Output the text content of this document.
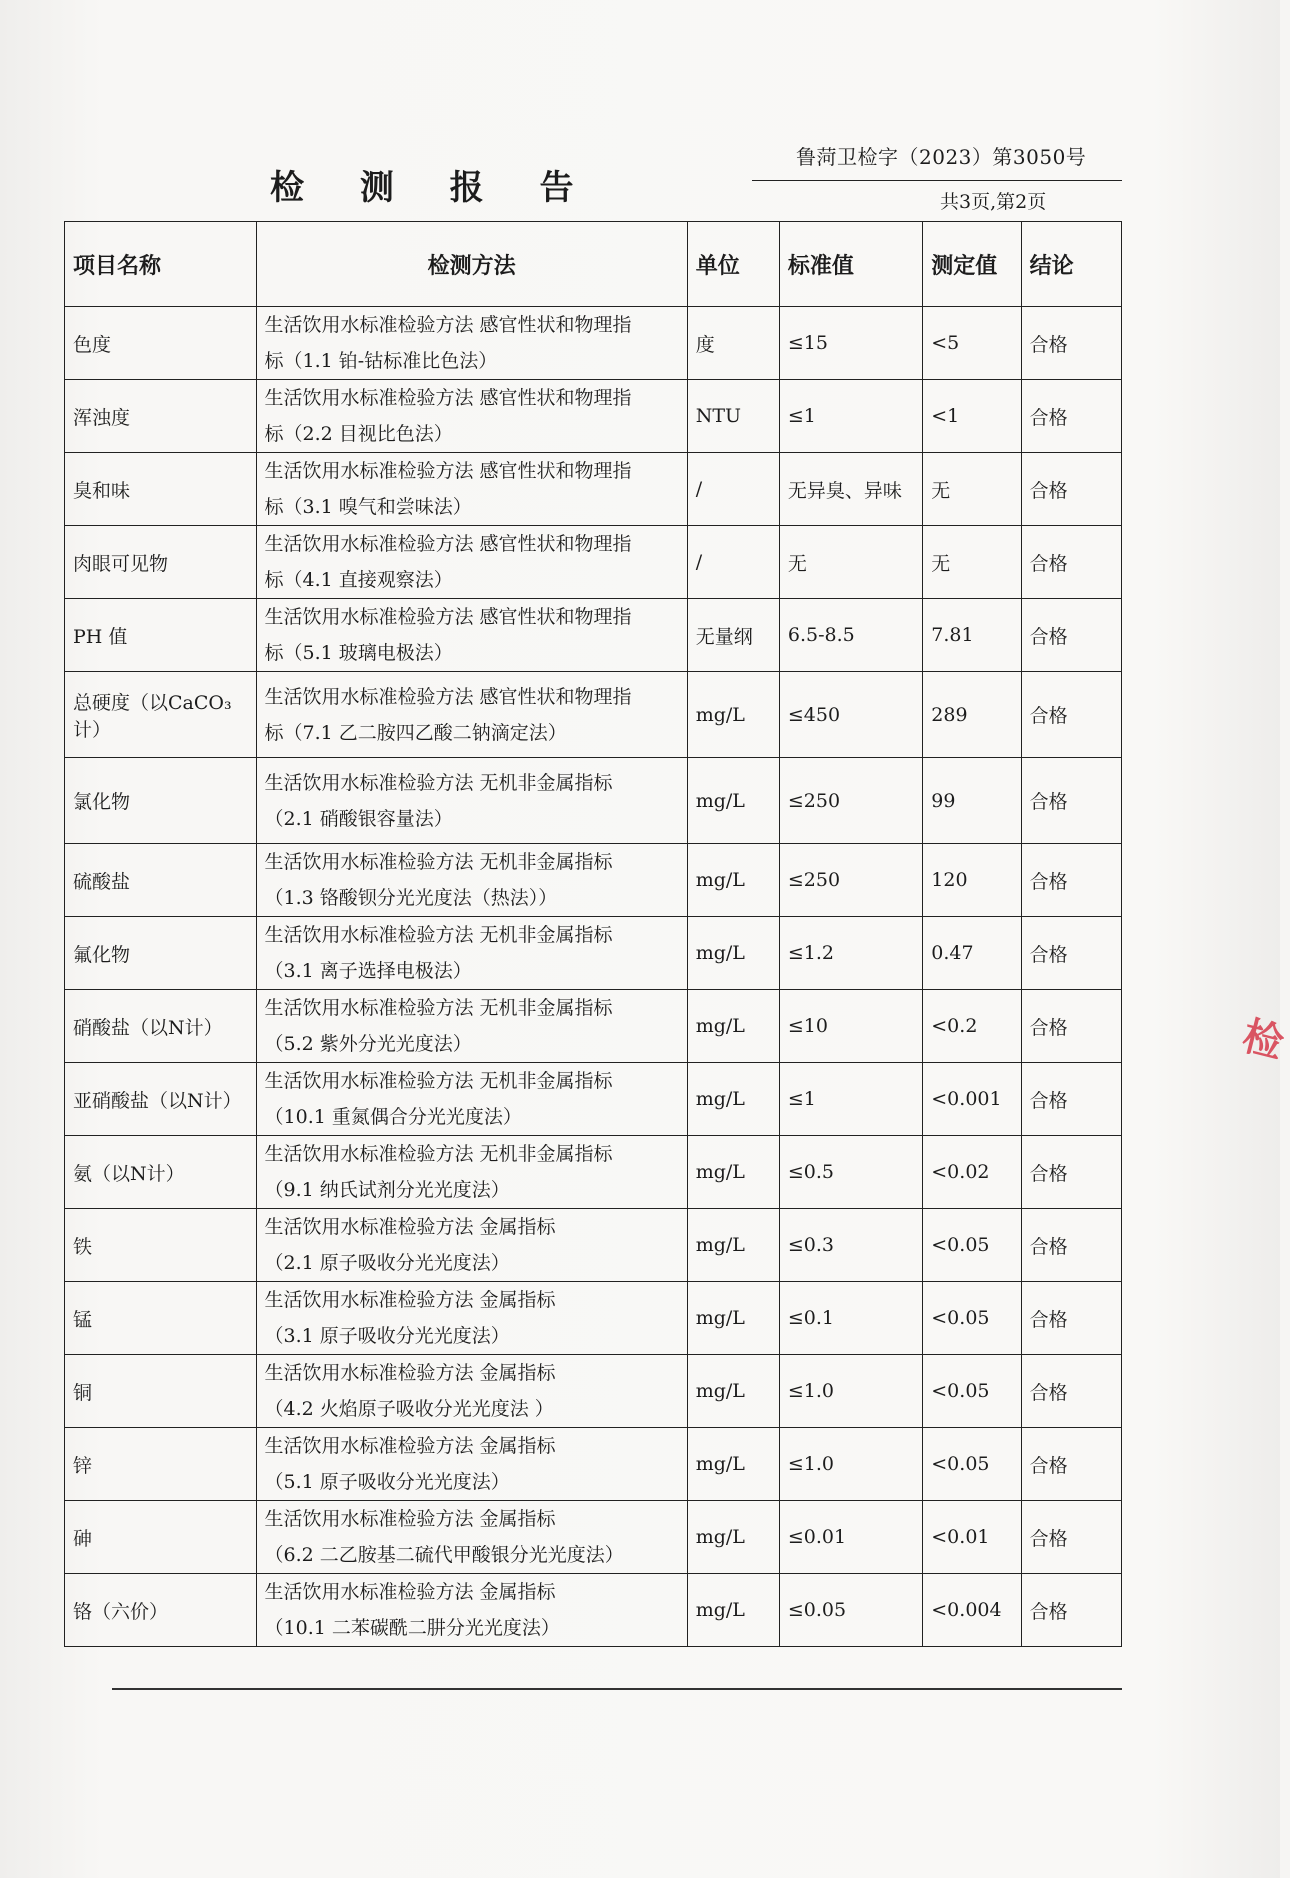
检 测 报 告
鲁菏卫检字（2023）第3050号
共3页,第2页
项目名称	检测方法	单位	标准值	测定值	结论
色度	生活饮用水标准检验方法 感官性状和物理指
标（1.1 铂-钴标准比色法）	度	≤15	<5	合格
浑浊度	生活饮用水标准检验方法 感官性状和物理指
标（2.2 目视比色法）	NTU	≤1	<1	合格
臭和味	生活饮用水标准检验方法 感官性状和物理指
标（3.1 嗅气和尝味法）	/	无异臭、异味	无	合格
肉眼可见物	生活饮用水标准检验方法 感官性状和物理指
标（4.1 直接观察法）	/	无	无	合格
PH 值	生活饮用水标准检验方法 感官性状和物理指
标（5.1 玻璃电极法）	无量纲	6.5-8.5	7.81	合格
总硬度（以CaCO₃计）	生活饮用水标准检验方法 感官性状和物理指
标（7.1 乙二胺四乙酸二钠滴定法）	mg/L	≤450	289	合格
氯化物	生活饮用水标准检验方法 无机非金属指标
（2.1 硝酸银容量法）	mg/L	≤250	99	合格
硫酸盐	生活饮用水标准检验方法 无机非金属指标
（1.3 铬酸钡分光光度法（热法））	mg/L	≤250	120	合格
氟化物	生活饮用水标准检验方法 无机非金属指标
（3.1 离子选择电极法）	mg/L	≤1.2	0.47	合格
硝酸盐（以N计）	生活饮用水标准检验方法 无机非金属指标
（5.2 紫外分光光度法）	mg/L	≤10	<0.2	合格
亚硝酸盐（以N计）	生活饮用水标准检验方法 无机非金属指标
（10.1 重氮偶合分光光度法）	mg/L	≤1	<0.001	合格
氨（以N计）	生活饮用水标准检验方法 无机非金属指标
（9.1 纳氏试剂分光光度法）	mg/L	≤0.5	<0.02	合格
铁	生活饮用水标准检验方法 金属指标
（2.1 原子吸收分光光度法）	mg/L	≤0.3	<0.05	合格
锰	生活饮用水标准检验方法 金属指标
（3.1 原子吸收分光光度法）	mg/L	≤0.1	<0.05	合格
铜	生活饮用水标准检验方法 金属指标
（4.2 火焰原子吸收分光光度法 ）	mg/L	≤1.0	<0.05	合格
锌	生活饮用水标准检验方法 金属指标
（5.1 原子吸收分光光度法）	mg/L	≤1.0	<0.05	合格
砷	生活饮用水标准检验方法 金属指标
（6.2 二乙胺基二硫代甲酸银分光光度法）	mg/L	≤0.01	<0.01	合格
铬（六价）	生活饮用水标准检验方法 金属指标
（10.1 二苯碳酰二肼分光光度法）	mg/L	≤0.05	<0.004	合格
检
